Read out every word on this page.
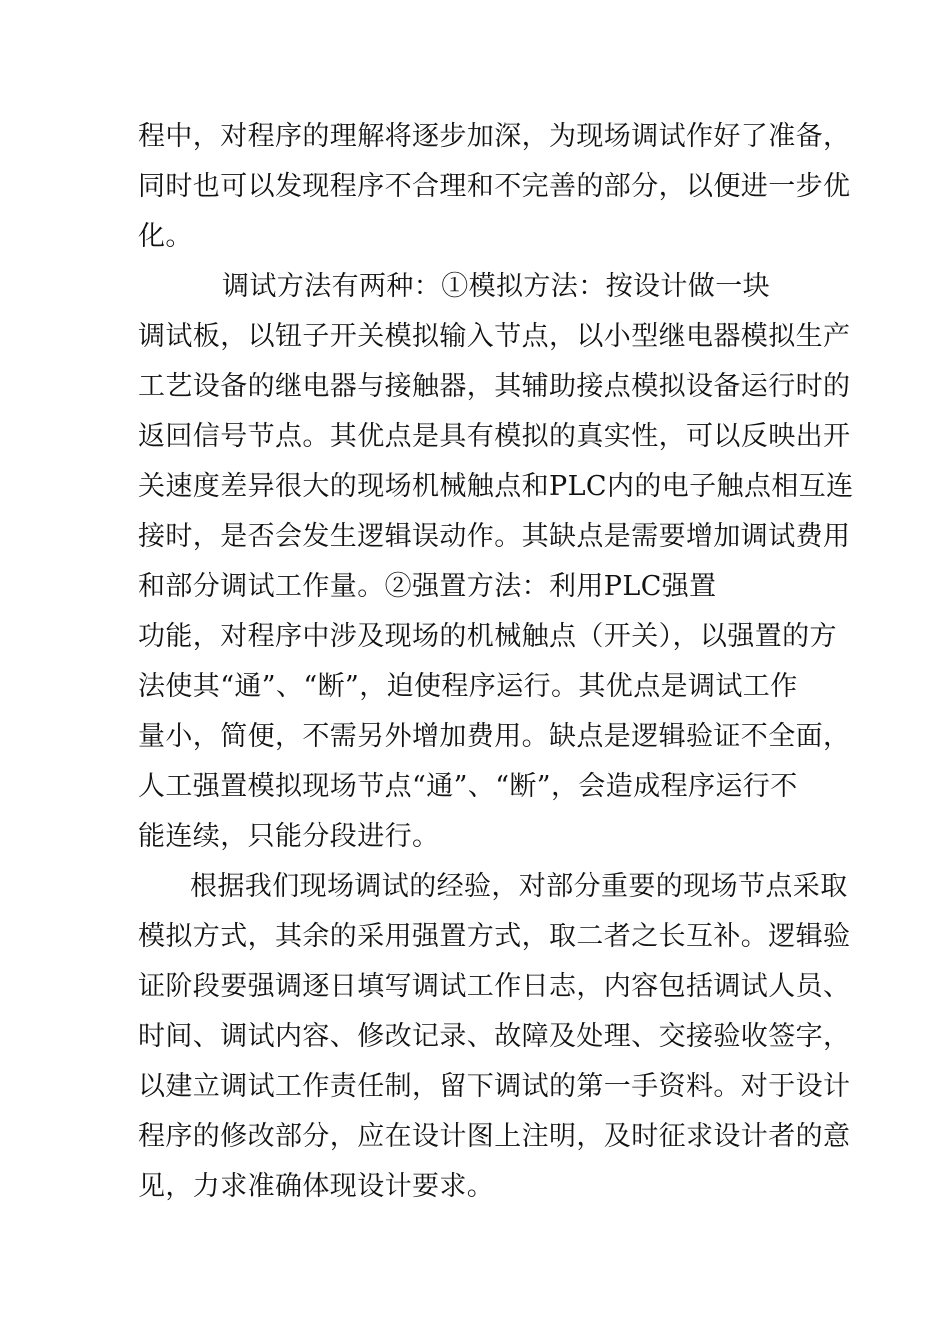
程中，对程序的理解将逐步加深，为现场调试作好了准备，
同时也可以发现程序不合理和不完善的部分，以便进一步优
化。
调试方法有两种：①模拟方法：按设计做一块
调试板，以钮子开关模拟输入节点，以小型继电器模拟生产
工艺设备的继电器与接触器，其辅助接点模拟设备运行时的
返回信号节点。其优点是具有模拟的真实性，可以反映出开
关速度差异很大的现场机械触点和PLC内的电子触点相互连
接时，是否会发生逻辑误动作。其缺点是需要增加调试费用
和部分调试工作量。②强置方法：利用PLC强置
功能，对程序中涉及现场的机械触点（开关），以强置的方
法使其“通”、“断”，迫使程序运行。其优点是调试工作
量小，简便，不需另外增加费用。缺点是逻辑验证不全面，
人工强置模拟现场节点“通”、“断”，会造成程序运行不
能连续，只能分段进行。
根据我们现场调试的经验，对部分重要的现场节点采取
模拟方式，其余的采用强置方式，取二者之长互补。逻辑验
证阶段要强调逐日填写调试工作日志，内容包括调试人员、
时间、调试内容、修改记录、故障及处理、交接验收签字，
以建立调试工作责任制，留下调试的第一手资料。对于设计
程序的修改部分，应在设计图上注明，及时征求设计者的意
见，力求准确体现设计要求。
